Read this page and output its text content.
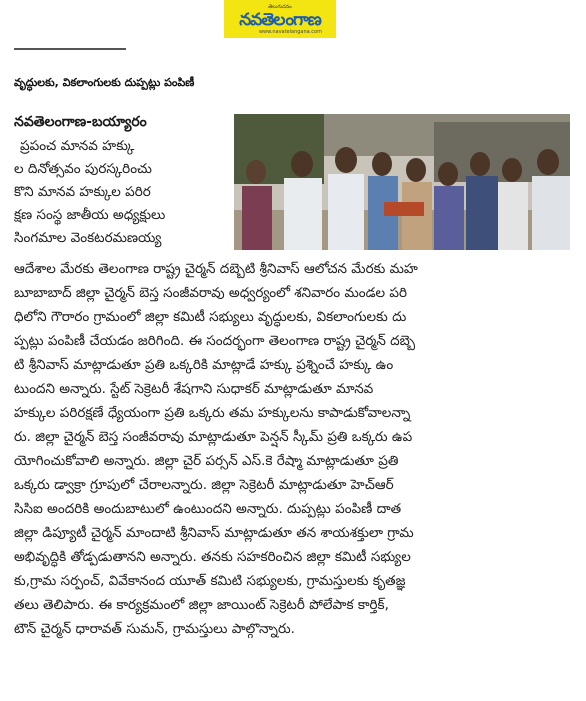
తెలుగుదనం
నవతెలంగాణ
www.navatelangana.com
వృద్ధులకు, వికలాంగులకు దుప్పట్లు పంపిణీ
నవతెలంగాణ-బయ్యారం
ప్రపంచ మానవ హక్కు
ల దినోత్సవం పురస్కరించు
కొని మానవ హక్కుల పరిర
క్షణ సంస్థ జాతీయ అధ్యక్షులు
సింగమాల వెంకటరమణయ్య
ఆదేశాల మేరకు తెలంగాణ రాష్ట్ర చైర్మన్ దబ్బెటి శ్రీనివాస్ ఆలోచన మేరకు మహ
బూబాబాద్ జిల్లా చైర్మన్ బెస్త సంజీవరావు అధ్వర్యంలో శనివారం మండల పరి
ధిలోని గౌరారం గ్రామంలో జిల్లా కమిటీ సభ్యులు వృద్ధులకు, వికలాంగులకు దు
ప్పట్లు పంపిణీ చేయడం జరిగింది. ఈ సందర్భంగా తెలంగాణ రాష్ట్ర చైర్మన్ దబ్బె
టి శ్రీనివాస్ మాట్లాడుతూ ప్రతి ఒక్కరికి మాట్లాడే హక్కు ప్రశ్నించే హక్కు ఉం
టుందని అన్నారు. స్టేట్ సెక్రెటరీ శేషగాని సుధాకర్ మాట్లాడుతూ మానవ
హక్కుల పరిరక్షణే ధ్యేయంగా ప్రతి ఒక్కరు తమ హక్కులను కాపాడుకోవాలన్నా
రు. జిల్లా చైర్మన్ బెస్త సంజీవరావు మాట్లాడుతూ పెన్షన్ స్కీమ్ ప్రతి ఒక్కరు ఉప
యోగించుకోవాలి అన్నారు. జిల్లా చైర్ పర్సన్ ఎస్.కె రేష్మా మాట్లాడుతూ ప్రతి
ఒక్కరు డ్వాక్రా గ్రూపులో చేరాలన్నారు. జిల్లా సెక్రెటరీ మాట్లాడుతూ హెచ్ఆర్
సిసిఐ అందరికి అందుబాటులో ఉంటుందని అన్నారు. దుప్పట్లు పంపిణీ దాత
జిల్లా డిప్యూటీ చైర్మన్ మాందాటి శ్రీనివాస్ మాట్లాడుతూ తన శాయశక్తులా గ్రామ
అభివృద్ధికి తోడ్పడుతానని అన్నారు. తనకు సహకరించిన జిల్లా కమిటీ సభ్యుల
కు,గ్రామ సర్పంచ్, వివేకానంద యూత్ కమిటి సభ్యులకు, గ్రామస్తులకు కృతజ్ఞ
తలు తెలిపారు. ఈ కార్యక్రమంలో జిల్లా జాయింట్ సెక్రెటరీ పోలేపాక కార్తిక్,
టౌన్ చైర్మన్ ధారావత్ సుమన్, గ్రామస్తులు పాల్గొన్నారు.
